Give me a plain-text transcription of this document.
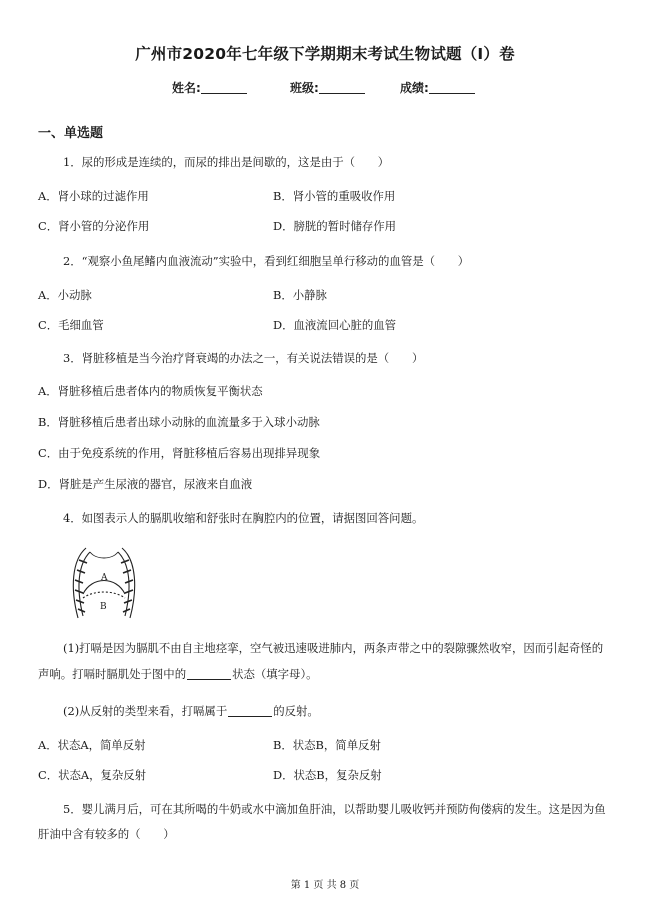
广州市2020年七年级下学期期末考试生物试题（I）卷
姓名:	班级:	成绩:
一、单选题
1．尿的形成是连续的，而尿的排出是间歇的，这是由于（　　）
A．肾小球的过滤作用	B．肾小管的重吸收作用
C．肾小管的分泌作用	D．膀胱的暂时储存作用
2．“观察小鱼尾鳍内血液流动”实验中，看到红细胞呈单行移动的血管是（　　）
A．小动脉	B．小静脉
C．毛细血管	D．血液流回心脏的血管
3．肾脏移植是当今治疗肾衰竭的办法之一，有关说法错误的是（　　）
A．肾脏移植后患者体内的物质恢复平衡状态
B．肾脏移植后患者出球小动脉的血流量多于入球小动脉
C．由于免疫系统的作用，肾脏移植后容易出现排异现象
D．肾脏是产生尿液的器官，尿液来自血液
4．如图表示人的膈肌收缩和舒张时在胸腔内的位置，请据图回答问题。
A
B
(1)打嗝是因为膈肌不由自主地痉挛，空气被迅速吸进肺内，两条声带之中的裂隙骤然收窄，因而引起奇怪的
声响。打嗝时膈肌处于图中的	状态（填字母）。
(2)从反射的类型来看，打嗝属于	的反射。
A．状态A，简单反射	B．状态B，简单反射
C．状态A，复杂反射	D．状态B，复杂反射
5．婴儿满月后，可在其所喝的牛奶或水中滴加鱼肝油，以帮助婴儿吸收钙并预防佝偻病的发生。这是因为鱼
肝油中含有较多的（　　）
第 1 页 共 8 页
